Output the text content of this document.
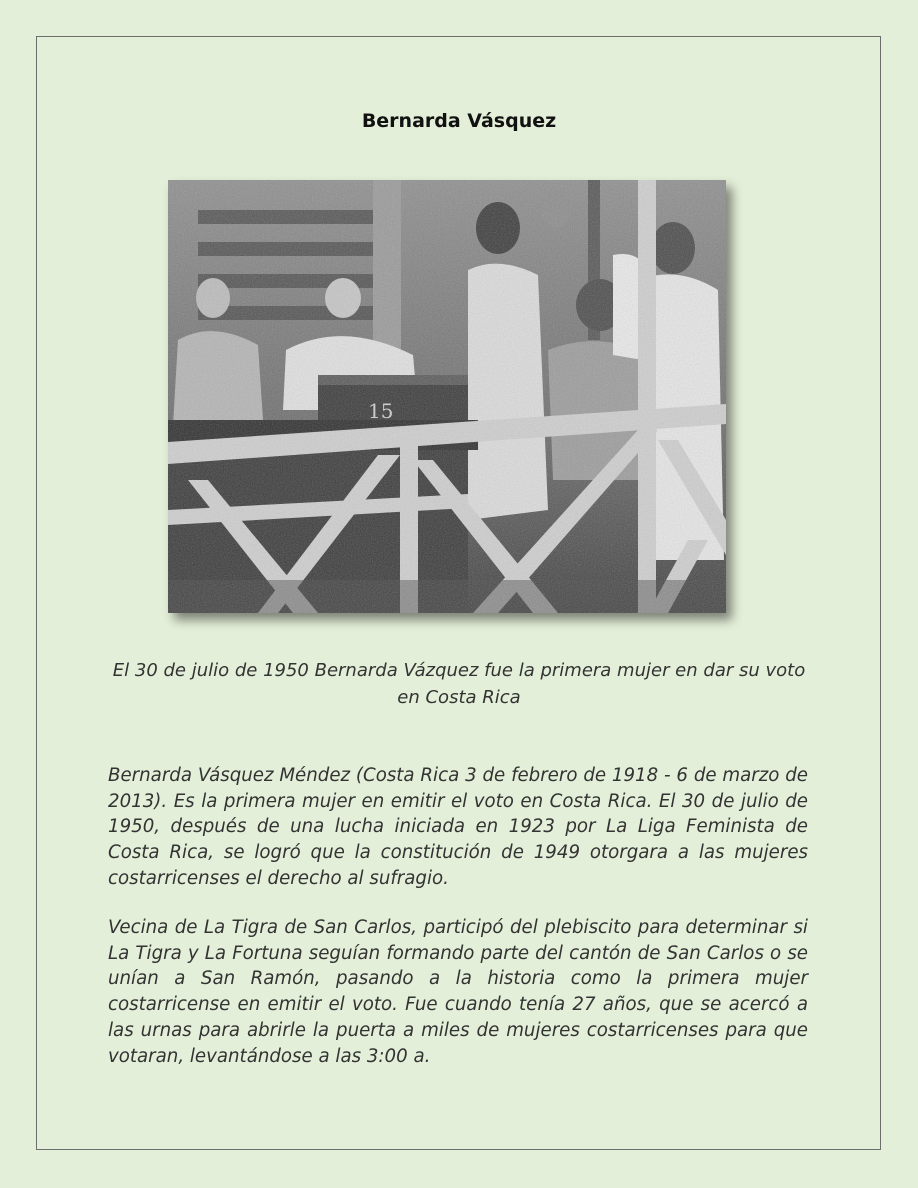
Bernarda Vásquez

El 30 de julio de 1950 Bernarda Vázquez fue la primera mujer en dar su voto en Costa Rica

Bernarda Vásquez Méndez (Costa Rica 3 de febrero de 1918 - 6 de marzo de 2013). Es la primera mujer en emitir el voto en Costa Rica. El 30 de julio de 1950, después de una lucha iniciada en 1923 por La Liga Feminista de Costa Rica, se logró que la constitución de 1949 otorgara a las mujeres costarricenses el derecho al sufragio.

Vecina de La Tigra de San Carlos, participó del plebiscito para determinar si La Tigra y La Fortuna seguían formando parte del cantón de San Carlos o se unían a San Ramón, pasando a la historia como la primera mujer costarricense en emitir el voto. Fue cuando tenía 27 años, que se acercó a las urnas para abrirle la puerta a miles de mujeres costarricenses para que votaran, levantándose a las 3:00 a.
